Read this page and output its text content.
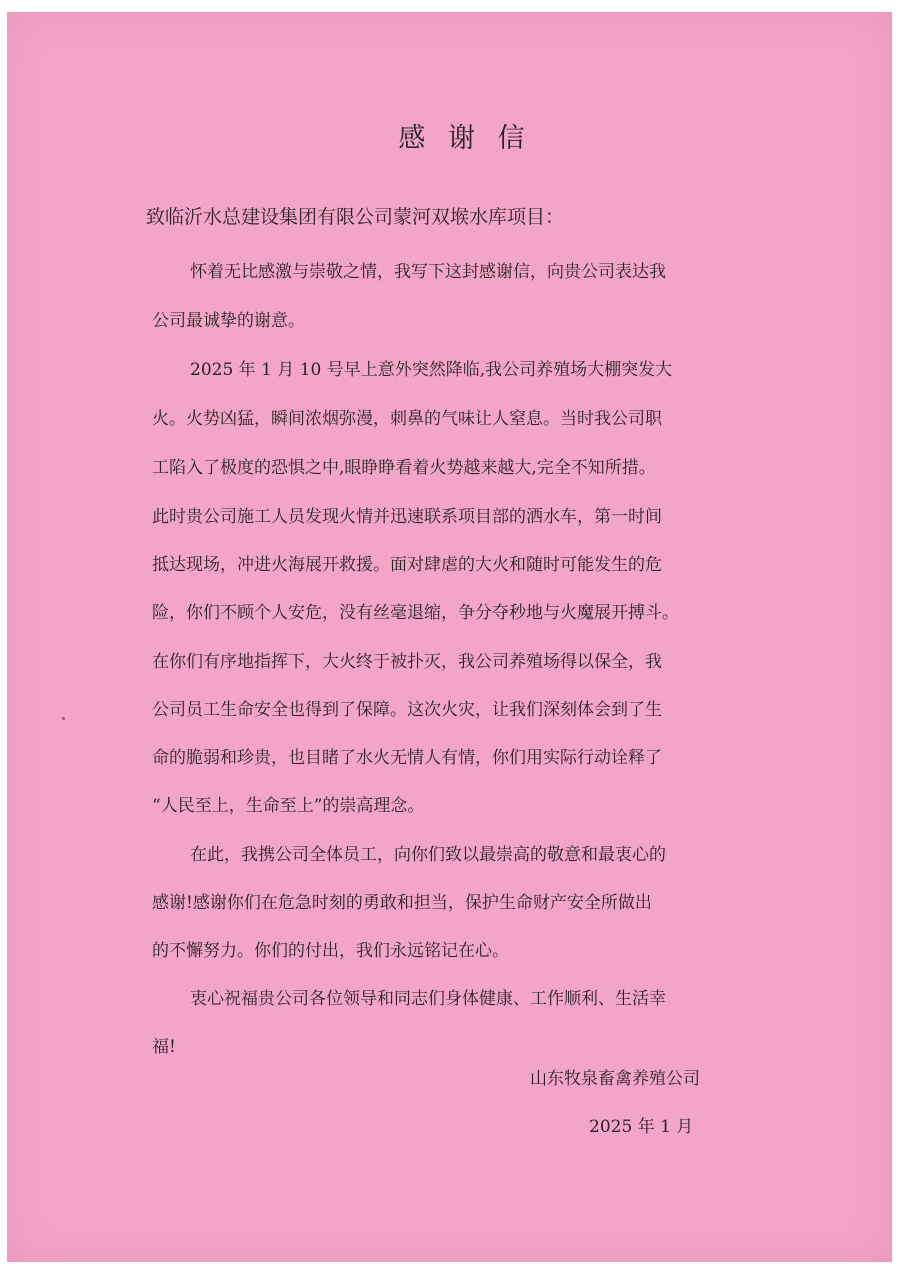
感 谢 信
致临沂水总建设集团有限公司蒙河双堠水库项目：
怀着无比感激与崇敬之情，我写下这封感谢信，向贵公司表达我
公司最诚挚的谢意。
2025 年 1 月 10 号早上意外突然降临,我公司养殖场大棚突发大
火。火势凶猛，瞬间浓烟弥漫，刺鼻的气味让人窒息。当时我公司职
工陷入了极度的恐惧之中,眼睁睁看着火势越来越大,完全不知所措。
此时贵公司施工人员发现火情并迅速联系项目部的洒水车，第一时间
抵达现场，冲进火海展开救援。面对肆虐的大火和随时可能发生的危
险，你们不顾个人安危，没有丝毫退缩，争分夺秒地与火魔展开搏斗。
在你们有序地指挥下，大火终于被扑灭，我公司养殖场得以保全，我
公司员工生命安全也得到了保障。这次火灾，让我们深刻体会到了生
命的脆弱和珍贵，也目睹了水火无情人有情，你们用实际行动诠释了
“人民至上，生命至上”的崇高理念。
在此，我携公司全体员工，向你们致以最崇高的敬意和最衷心的
感谢!感谢你们在危急时刻的勇敢和担当，保护生命财产安全所做出
的不懈努力。你们的付出，我们永远铭记在心。
衷心祝福贵公司各位领导和同志们身体健康、工作顺利、生活幸
福!
山东牧泉畜禽养殖公司
2025 年 1 月
